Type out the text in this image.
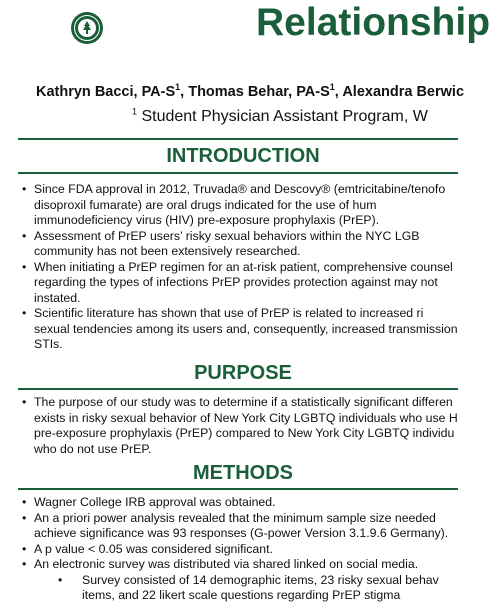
Relationship
Kathryn Bacci, $PA-S^1$, Thomas Behar, $PA-S^1$, Alexandra Berwic
$^1$ Student Physician Assistant Program, W
INTRODUCTION
• Since FDA approval in 2012, Truvada® and Descovy® (emtricitabine/tenofo
disoproxil fumarate) are oral drugs indicated for the use of hum
immunodeficiency virus (HIV) pre-exposure prophylaxis (PrEP).
• Assessment of PrEP users’ risky sexual behaviors within the NYC LGB
community has not been extensively researched.
• When initiating a PrEP regimen for an at-risk patient, comprehensive counsel
regarding the types of infections PrEP provides protection against may not
instated.
• Scientific literature has shown that use of PrEP is related to increased ri
sexual tendencies among its users and, consequently, increased transmission
STIs.
PURPOSE
• The purpose of our study was to determine if a statistically significant differen
exists in risky sexual behavior of New York City LGBTQ individuals who use H
pre-exposure prophylaxis (PrEP) compared to New York City LGBTQ individu
who do not use PrEP.
METHODS
• Wagner College IRB approval was obtained.
• An a priori power analysis revealed that the minimum sample size needed
achieve significance was 93 responses (G-power Version 3.1.9.6 Germany).
• A p value < 0.05 was considered significant.
• An electronic survey was distributed via shared linked on social media.
• Survey consisted of 14 demographic items, 23 risky sexual behav
items, and 22 likert scale questions regarding PrEP stigma
